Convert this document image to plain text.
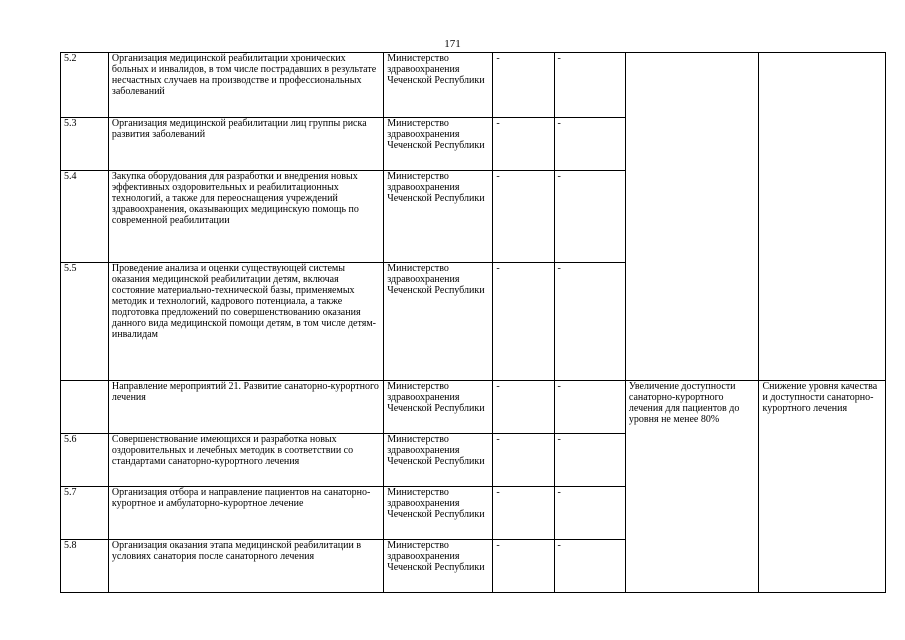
171
5.2	Организация медицинской реабилитации хронических больных и инвалидов, в том числе пострадавших в результате несчастных случаев на производстве и профессиональных заболеваний	Министерство здравоохранения Чеченской Республики	-	-		
5.3	Организация медицинской реабилитации лиц группы риска развития заболеваний	Министерство здравоохранения Чеченской Республики	-	-		
5.4	Закупка оборудования для разработки и внедрения новых эффективных оздоровительных и реабилитационных технологий, а также для переоснащения учреждений здравоохранения, оказывающих медицинскую помощь по современной реабилитации	Министерство здравоохранения Чеченской Республики	-	-		
5.5	Проведение анализа и оценки существующей системы оказания медицинской реабилитации детям, включая состояние материально-технической базы, применяемых методик и технологий, кадрового потенциала, а также подготовка предложений по совершенствованию оказания данного вида медицинской помощи детям, в том числе детям-инвалидам	Министерство здравоохранения Чеченской Республики	-	-		
	Направление мероприятий 21. Развитие санаторно-курортного лечения	Министерство здравоохранения Чеченской Республики	-	-	Увеличение доступности санаторно-курортного лечения для пациентов до уровня не менее 80%	Снижение уровня качества и доступности санаторно-курортного лечения
5.6	Совершенствование имеющихся и разработка новых оздоровительных и лечебных методик в соответствии со стандартами санаторно-курортного лечения	Министерство здравоохранения Чеченской Республики	-	-		
5.7	Организация отбора и направление пациентов на санаторно-курортное и амбулаторно-курортное лечение	Министерство здравоохранения Чеченской Республики	-	-		
5.8	Организация оказания этапа медицинской реабилитации в условиях санатория после санаторного лечения	Министерство здравоохранения Чеченской Республики	-	-		
